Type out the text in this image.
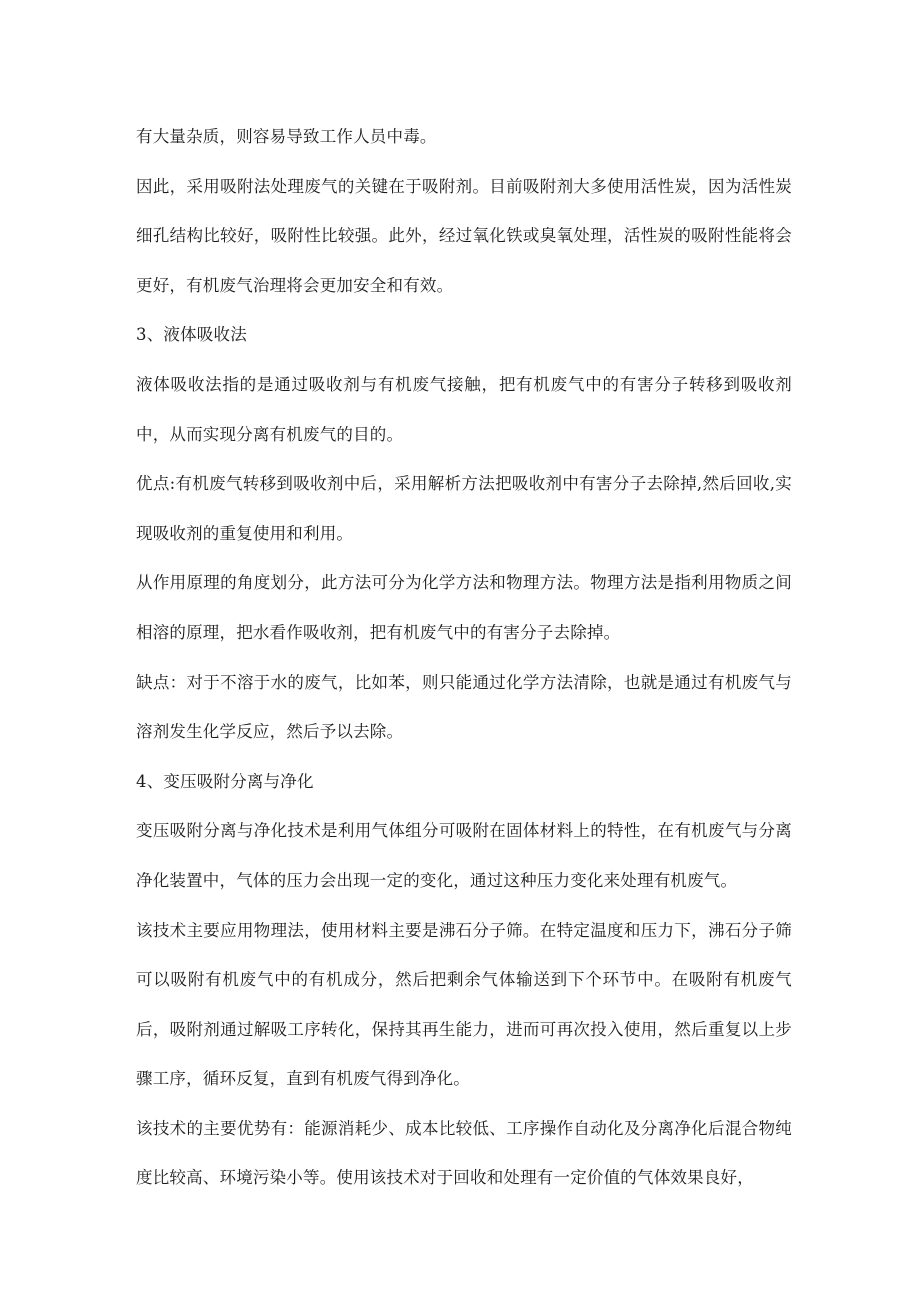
有大量杂质，则容易导致工作人员中毒。

因此，采用吸附法处理废气的关键在于吸附剂。目前吸附剂大多使用活性炭，因为活性炭细孔结构比较好，吸附性比较强。此外，经过氧化铁或臭氧处理，活性炭的吸附性能将会更好，有机废气治理将会更加安全和有效。

3、液体吸收法

液体吸收法指的是通过吸收剂与有机废气接触，把有机废气中的有害分子转移到吸收剂中，从而实现分离有机废气的目的。

优点:有机废气转移到吸收剂中后，采用解析方法把吸收剂中有害分子去除掉,然后回收,实现吸收剂的重复使用和利用。

从作用原理的角度划分，此方法可分为化学方法和物理方法。物理方法是指利用物质之间相溶的原理，把水看作吸收剂，把有机废气中的有害分子去除掉。

缺点：对于不溶于水的废气，比如苯，则只能通过化学方法清除，也就是通过有机废气与溶剂发生化学反应，然后予以去除。

4、变压吸附分离与净化

变压吸附分离与净化技术是利用气体组分可吸附在固体材料上的特性，在有机废气与分离净化装置中，气体的压力会出现一定的变化，通过这种压力变化来处理有机废气。

该技术主要应用物理法，使用材料主要是沸石分子筛。在特定温度和压力下，沸石分子筛可以吸附有机废气中的有机成分，然后把剩余气体输送到下个环节中。在吸附有机废气后，吸附剂通过解吸工序转化，保持其再生能力，进而可再次投入使用，然后重复以上步骤工序，循环反复，直到有机废气得到净化。

该技术的主要优势有：能源消耗少、成本比较低、工序操作自动化及分离净化后混合物纯度比较高、环境污染小等。使用该技术对于回收和处理有一定价值的气体效果良好，
